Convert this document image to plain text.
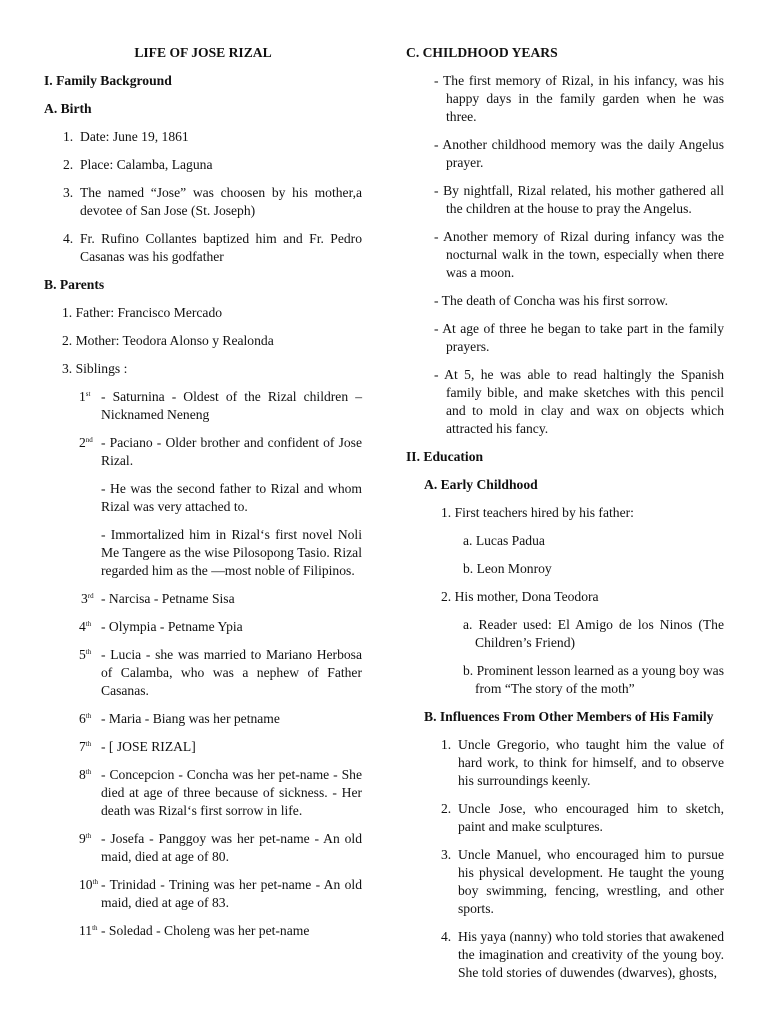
LIFE OF JOSE RIZAL

I. Family Background

A. Birth

1. Date: June 19, 1861
2. Place: Calamba, Laguna
3. The named “Jose” was choosen by his mother,a devotee of San Jose (St. Joseph)
4. Fr. Rufino Collantes baptized him and Fr. Pedro Casanas was his godfather

B. Parents

1. Father: Francisco Mercado

2. Mother: Teodora Alonso y Realonda

3. Siblings :

1st - Saturnina - Oldest of the Rizal children – Nicknamed Neneng
2nd - Paciano - Older brother and confident of Jose Rizal.

- He was the second father to Rizal and whom Rizal was very attached to.

- Immortalized him in Rizal‘s first novel Noli Me Tangere as the wise Pilosopong Tasio. Rizal regarded him as the ―most noble of Filipinos.

3rd - Narcisa - Petname Sisa
4th - Olympia - Petname Ypia
5th - Lucia - she was married to Mariano Herbosa of Calamba, who was a nephew of Father Casanas.
6th - Maria - Biang was her petname
7th - [ JOSE RIZAL]
8th - Concepcion - Concha was her pet-name - She died at age of three because of sickness. - Her death was Rizal‘s first sorrow in life.
9th - Josefa - Panggoy was her pet-name - An old maid, died at age of 80.
10th - Trinidad - Trining was her pet-name - An old maid, died at age of 83.
11th - Soledad - Choleng was her pet-name

C. CHILDHOOD YEARS

- The first memory of Rizal, in his infancy, was his happy days in the family garden when he was three.

- Another childhood memory was the daily Angelus prayer.

- By nightfall, Rizal related, his mother gathered all the children at the house to pray the Angelus.

- Another memory of Rizal during infancy was the nocturnal walk in the town, especially when there was a moon.

- The death of Concha was his first sorrow.

- At age of three he began to take part in the family prayers.

- At 5, he was able to read haltingly the Spanish family bible, and make sketches with this pencil and to mold in clay and wax on objects which attracted his fancy.

II. Education

A. Early Childhood

1. First teachers hired by his father:

a. Lucas Padua

b. Leon Monroy

2. His mother, Dona Teodora

a. Reader used: El Amigo de los Ninos (The Children’s Friend)

b. Prominent lesson learned as a young boy was from “The story of the moth”

B. Influences From Other Members of His Family

1. Uncle Gregorio, who taught him the value of hard work, to think for himself, and to observe his surroundings keenly.
2. Uncle Jose, who encouraged him to sketch, paint and make sculptures.
3. Uncle Manuel, who encouraged him to pursue his physical development. He taught the young boy swimming, fencing, wrestling, and other sports.
4. His yaya (nanny) who told stories that awakened the imagination and creativity of the young boy. She told stories of duwendes (dwarves), ghosts,
